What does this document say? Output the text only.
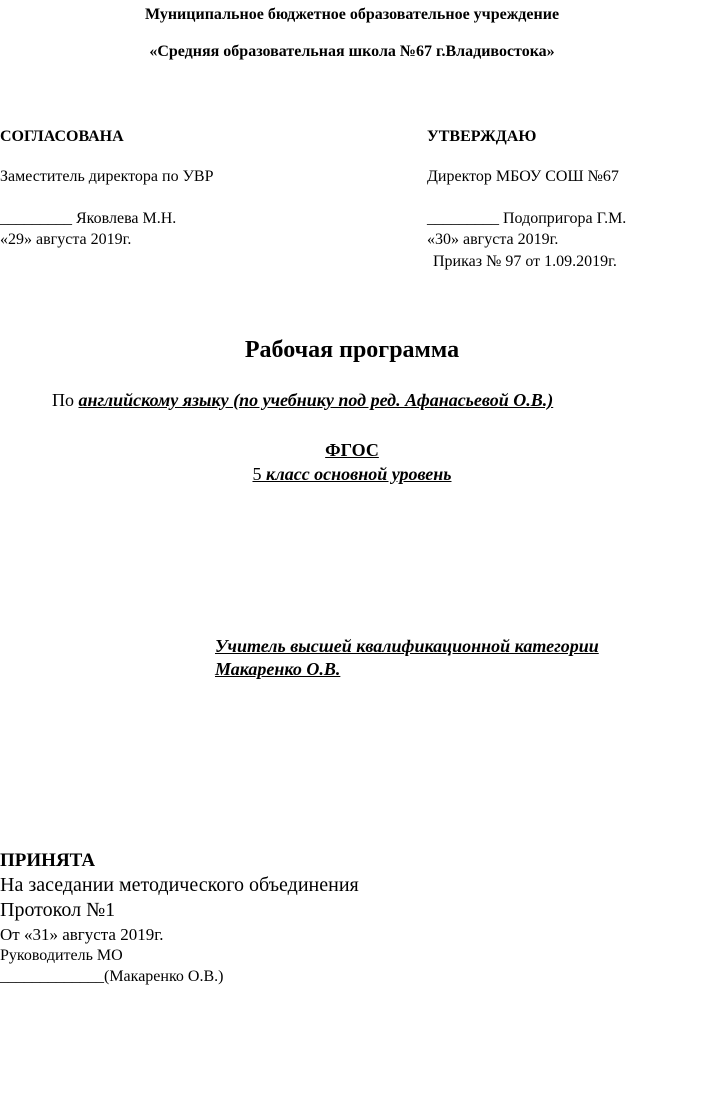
Муниципальное бюджетное образовательное учреждение
«Средняя образовательная школа №67 г.Владивостока»
СОГЛАСОВАНА
Заместитель директора по УВР
_________ Яковлева М.Н.
«29» августа 2019г.
УТВЕРЖДАЮ
Директор МБОУ СОШ №67
_________ Подопригора Г.М.
«30» августа 2019г.
Приказ № 97 от 1.09.2019г.
Рабочая программа
По английскому языку (по учебнику под ред. Афанасьевой О.В.)
ФГОС
5 класс основной уровень
Учитель высшей квалификационной категории
Макаренко О.В.
ПРИНЯТА
На заседании методического объединения
Протокол №1
От «31» августа 2019г.
Руководитель МО
_____________(Макаренко О.В.)
